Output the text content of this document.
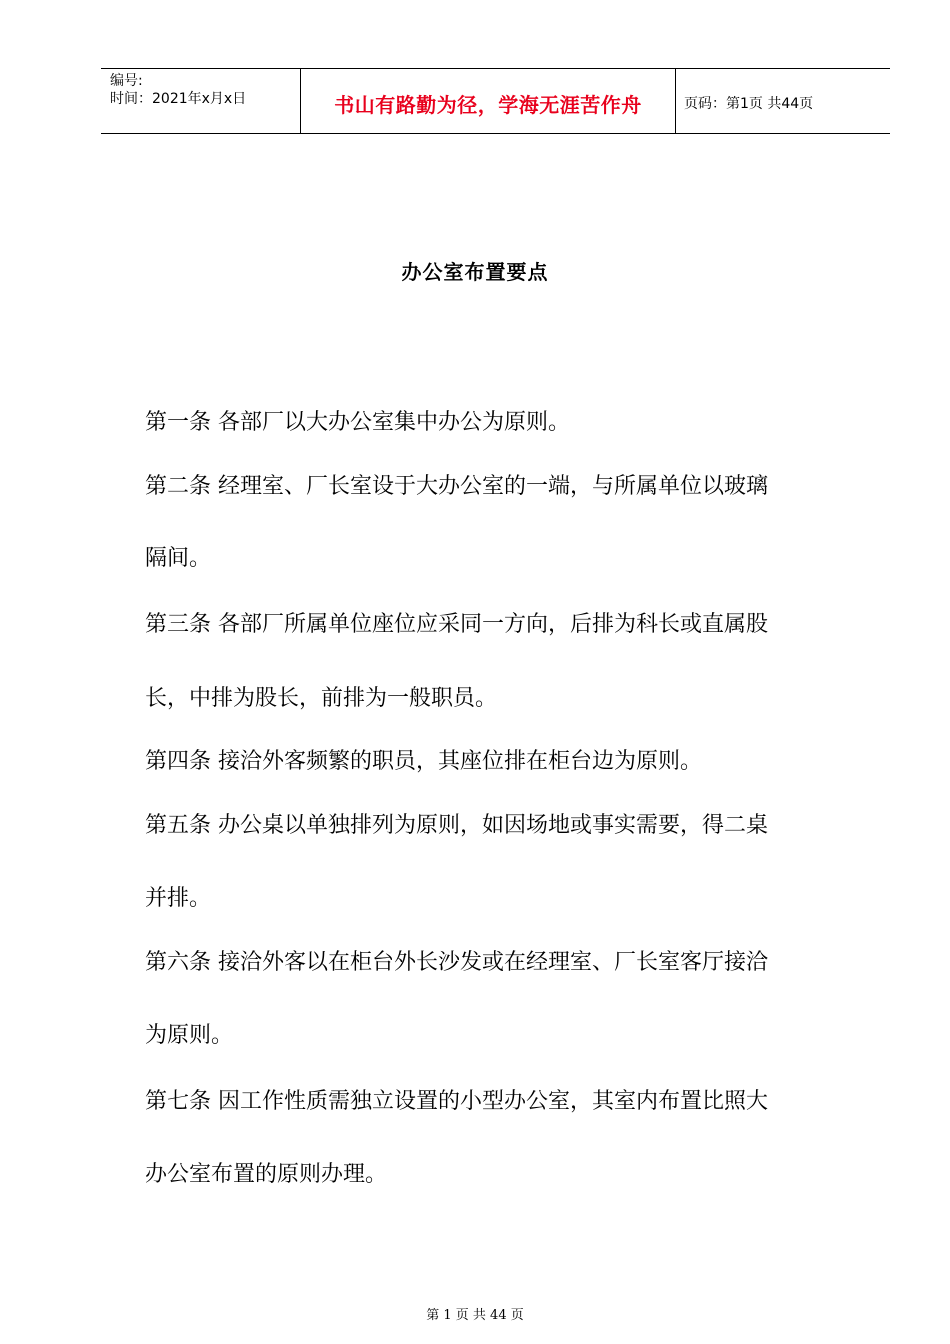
编号:
时间：2021年x月x日	书山有路勤为径，学海无涯苦作舟	页码：第1页 共44页
办公室布置要点
第一条 各部厂以大办公室集中办公为原则。
第二条 经理室、厂长室设于大办公室的一端，与所属单位以玻璃
隔间。
第三条 各部厂所属单位座位应采同一方向，后排为科长或直属股
长，中排为股长，前排为一般职员。
第四条 接洽外客频繁的职员，其座位排在柜台边为原则。
第五条 办公桌以单独排列为原则，如因场地或事实需要，得二桌
并排。
第六条 接洽外客以在柜台外长沙发或在经理室、厂长室客厅接洽
为原则。
第七条 因工作性质需独立设置的小型办公室，其室内布置比照大
办公室布置的原则办理。
第 1 页 共 44 页
